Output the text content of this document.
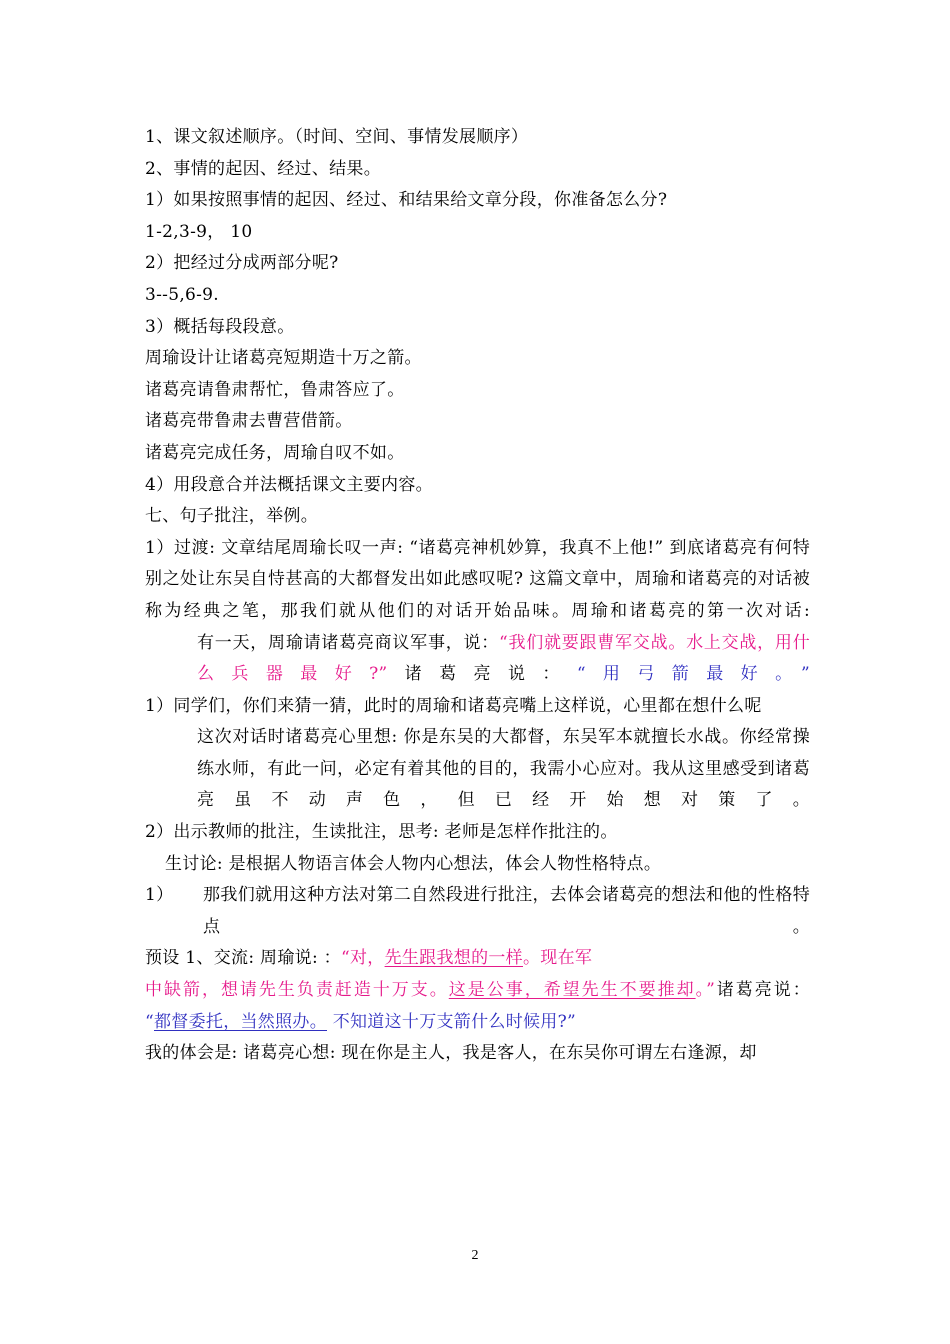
1、课文叙述顺序。（时间、空间、事情发展顺序）
2、事情的起因、经过、结果。
1）如果按照事情的起因、经过、和结果给文章分段，你准备怎么分?
1-2,3-9， 10
2）把经过分成两部分呢?
3--5,6-9.
3）概括每段段意。
周瑜设计让诸葛亮短期造十万之箭。
诸葛亮请鲁肃帮忙，鲁肃答应了。
诸葛亮带鲁肃去曹营借箭。
诸葛亮完成任务，周瑜自叹不如。
4）用段意合并法概括课文主要内容。
七、句子批注，举例。
1）过渡: 文章结尾周瑜长叹一声: “诸葛亮神机妙算，我真不上他!” 到底诸葛亮有何特别之处让东吴自恃甚高的大都督发出如此感叹呢? 这篇文章中，周瑜和诸葛亮的对话被称为经典之笔，那我们就从他们的对话开始品味。周瑜和诸葛亮的第一次对话:
有一天，周瑜请诸葛亮商议军事，说：“我们就要跟曹军交战。水上交战，用什么兵器最好?”诸葛亮说：“用弓箭最好。”
1）同学们，你们来猜一猜，此时的周瑜和诸葛亮嘴上这样说，心里都在想什么呢
这次对话时诸葛亮心里想: 你是东吴的大都督，东吴军本就擅长水战。你经常操练水师，有此一问，必定有着其他的目的，我需小心应对。我从这里感受到诸葛亮虽不动声色，但已经开始想对策了。
2）出示教师的批注，生读批注，思考: 老师是怎样作批注的。
生讨论: 是根据人物语言体会人物内心想法，体会人物性格特点。
1） 那我们就用这种方法对第二自然段进行批注，去体会诸葛亮的想法和他的性格特点。
预设 1、交流: 周瑜说: ：“对，先生跟我想的一样。现在军
中缺箭，想请先生负责赶造十万支。这是公事，希望先生不要推却。”诸葛亮说：
“都督委托，当然照办。 不知道这十万支箭什么时候用?”
我的体会是: 诸葛亮心想: 现在你是主人，我是客人，在东吴你可谓左右逢源，却
2
